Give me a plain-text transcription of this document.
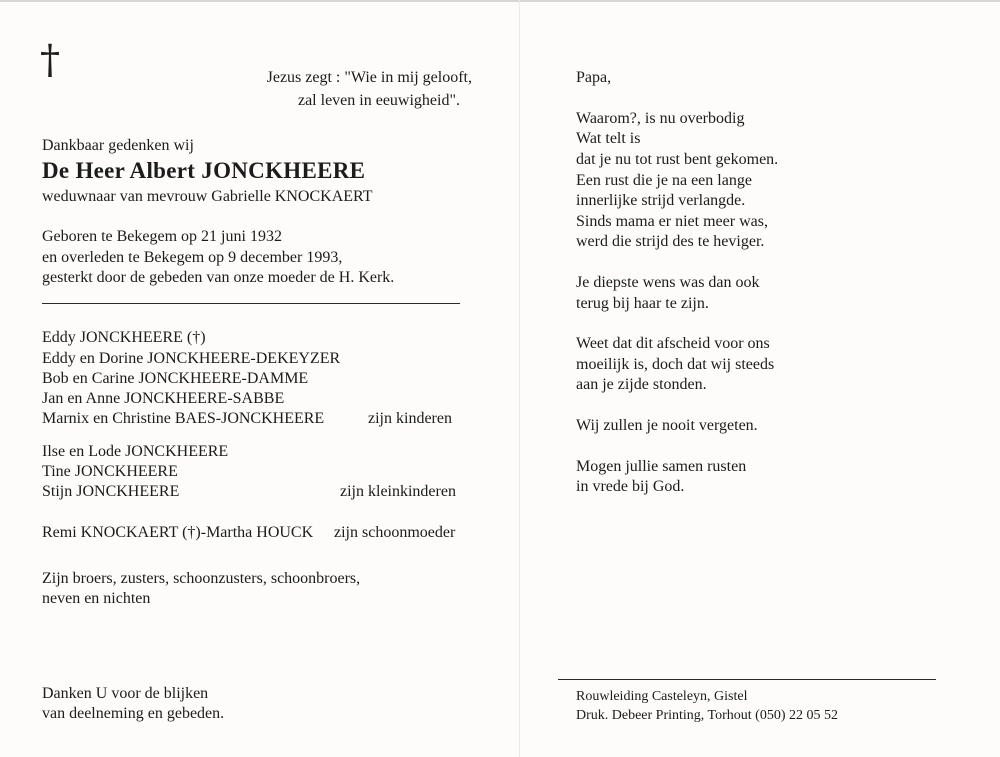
†	Jezus zegt : "Wie in mij gelooft,
zal leven in eeuwigheid".
Dankbaar gedenken wij
De Heer Albert JONCKHEERE
weduwnaar van mevrouw Gabrielle KNOCKAERT
Geboren te Bekegem op 21 juni 1932
en overleden te Bekegem op 9 december 1993,
gesterkt door de gebeden van onze moeder de H. Kerk.
Eddy JONCKHEERE (†)
Eddy en Dorine JONCKHEERE-DEKEYZER
Bob en Carine JONCKHEERE-DAMME
Jan en Anne JONCKHEERE-SABBE
Marnix en Christine BAES-JONCKHEERE	zijn kinderen
Ilse en Lode JONCKHEERE
Tine JONCKHEERE
Stijn JONCKHEERE	zijn kleinkinderen
Remi KNOCKAERT (†)-Martha HOUCK zijn schoonmoeder
Zijn broers, zusters, schoonzusters, schoonbroers,
neven en nichten
Danken U voor de blijken
van deelneming en gebeden.
Papa,
Waarom?, is nu overbodig
Wat telt is
dat je nu tot rust bent gekomen.
Een rust die je na een lange
innerlijke strijd verlangde.
Sinds mama er niet meer was,
werd die strijd des te heviger.
Je diepste wens was dan ook
terug bij haar te zijn.
Weet dat dit afscheid voor ons
moeilijk is, doch dat wij steeds
aan je zijde stonden.
Wij zullen je nooit vergeten.
Mogen jullie samen rusten
in vrede bij God.
Rouwleiding Casteleyn, Gistel
Druk. Debeer Printing, Torhout (050) 22 05 52
